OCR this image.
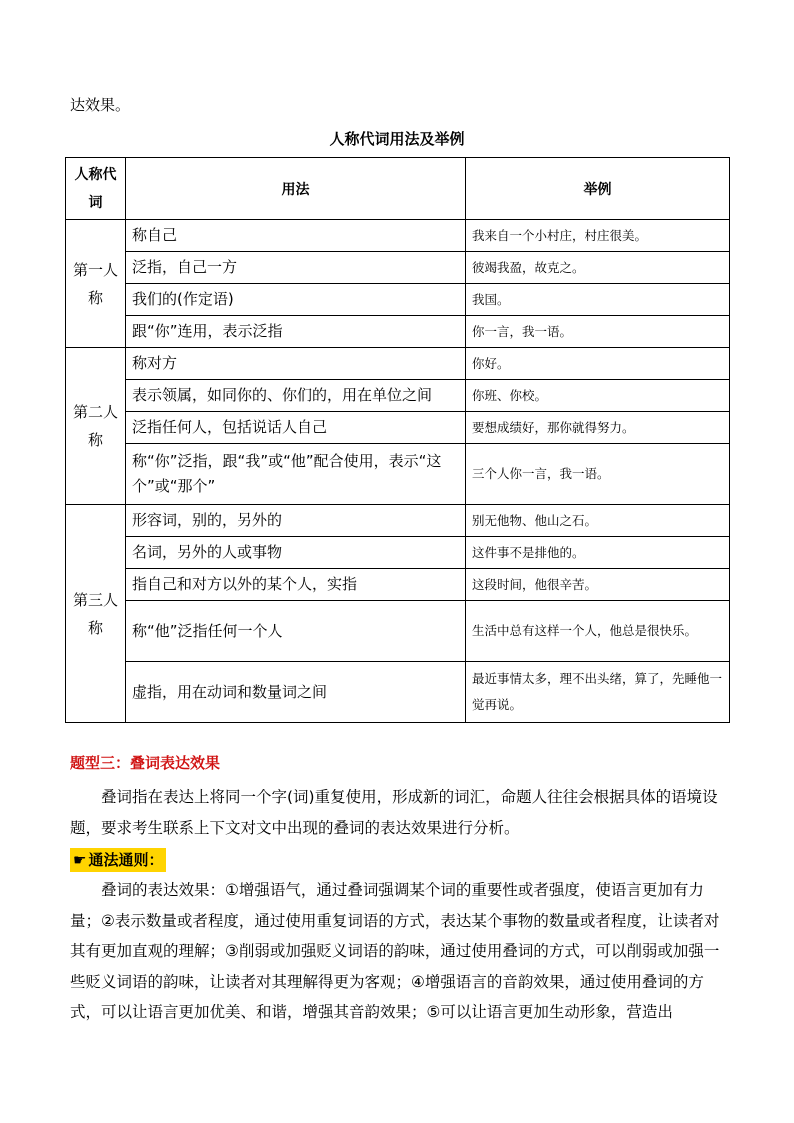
达效果。
人称代词用法及举例
人称代词	用法	举例
第一人称	称自己	我来自一个小村庄，村庄很美。
	泛指，自己一方	彼竭我盈，故克之。
	我们的(作定语)	我国。
	跟“你”连用，表示泛指	你一言，我一语。
第二人称	称对方	你好。
	表示领属，如同你的、你们的，用在单位之间	你班、你校。
	泛指任何人，包括说话人自己	要想成绩好，那你就得努力。
	称“你”泛指，跟“我”或“他”配合使用，表示“这个”或“那个”	三个人你一言，我一语。
第三人称	形容词，别的，另外的	别无他物、他山之石。
	名词，另外的人或事物	这件事不是排他的。
	指自己和对方以外的某个人，实指	这段时间，他很辛苦。
	称“他”泛指任何一个人	生活中总有这样一个人，他总是很快乐。
	虚指，用在动词和数量词之间	最近事情太多，理不出头绪，算了，先睡他一觉再说。
题型三：叠词表达效果
叠词指在表达上将同一个字(词)重复使用，形成新的词汇，命题人往往会根据具体的语境设题，要求考生联系上下文对文中出现的叠词的表达效果进行分析。
☛ 通法通则：
叠词的表达效果：①增强语气，通过叠词强调某个词的重要性或者强度，使语言更加有力量；②表示数量或者程度，通过使用重复词语的方式，表达某个事物的数量或者程度，让读者对其有更加直观的理解；③削弱或加强贬义词语的韵味，通过使用叠词的方式，可以削弱或加强一些贬义词语的韵味，让读者对其理解得更为客观；④增强语言的音韵效果，通过使用叠词的方式，可以让语言更加优美、和谐，增强其音韵效果；⑤可以让语言更加生动形象，营造出
